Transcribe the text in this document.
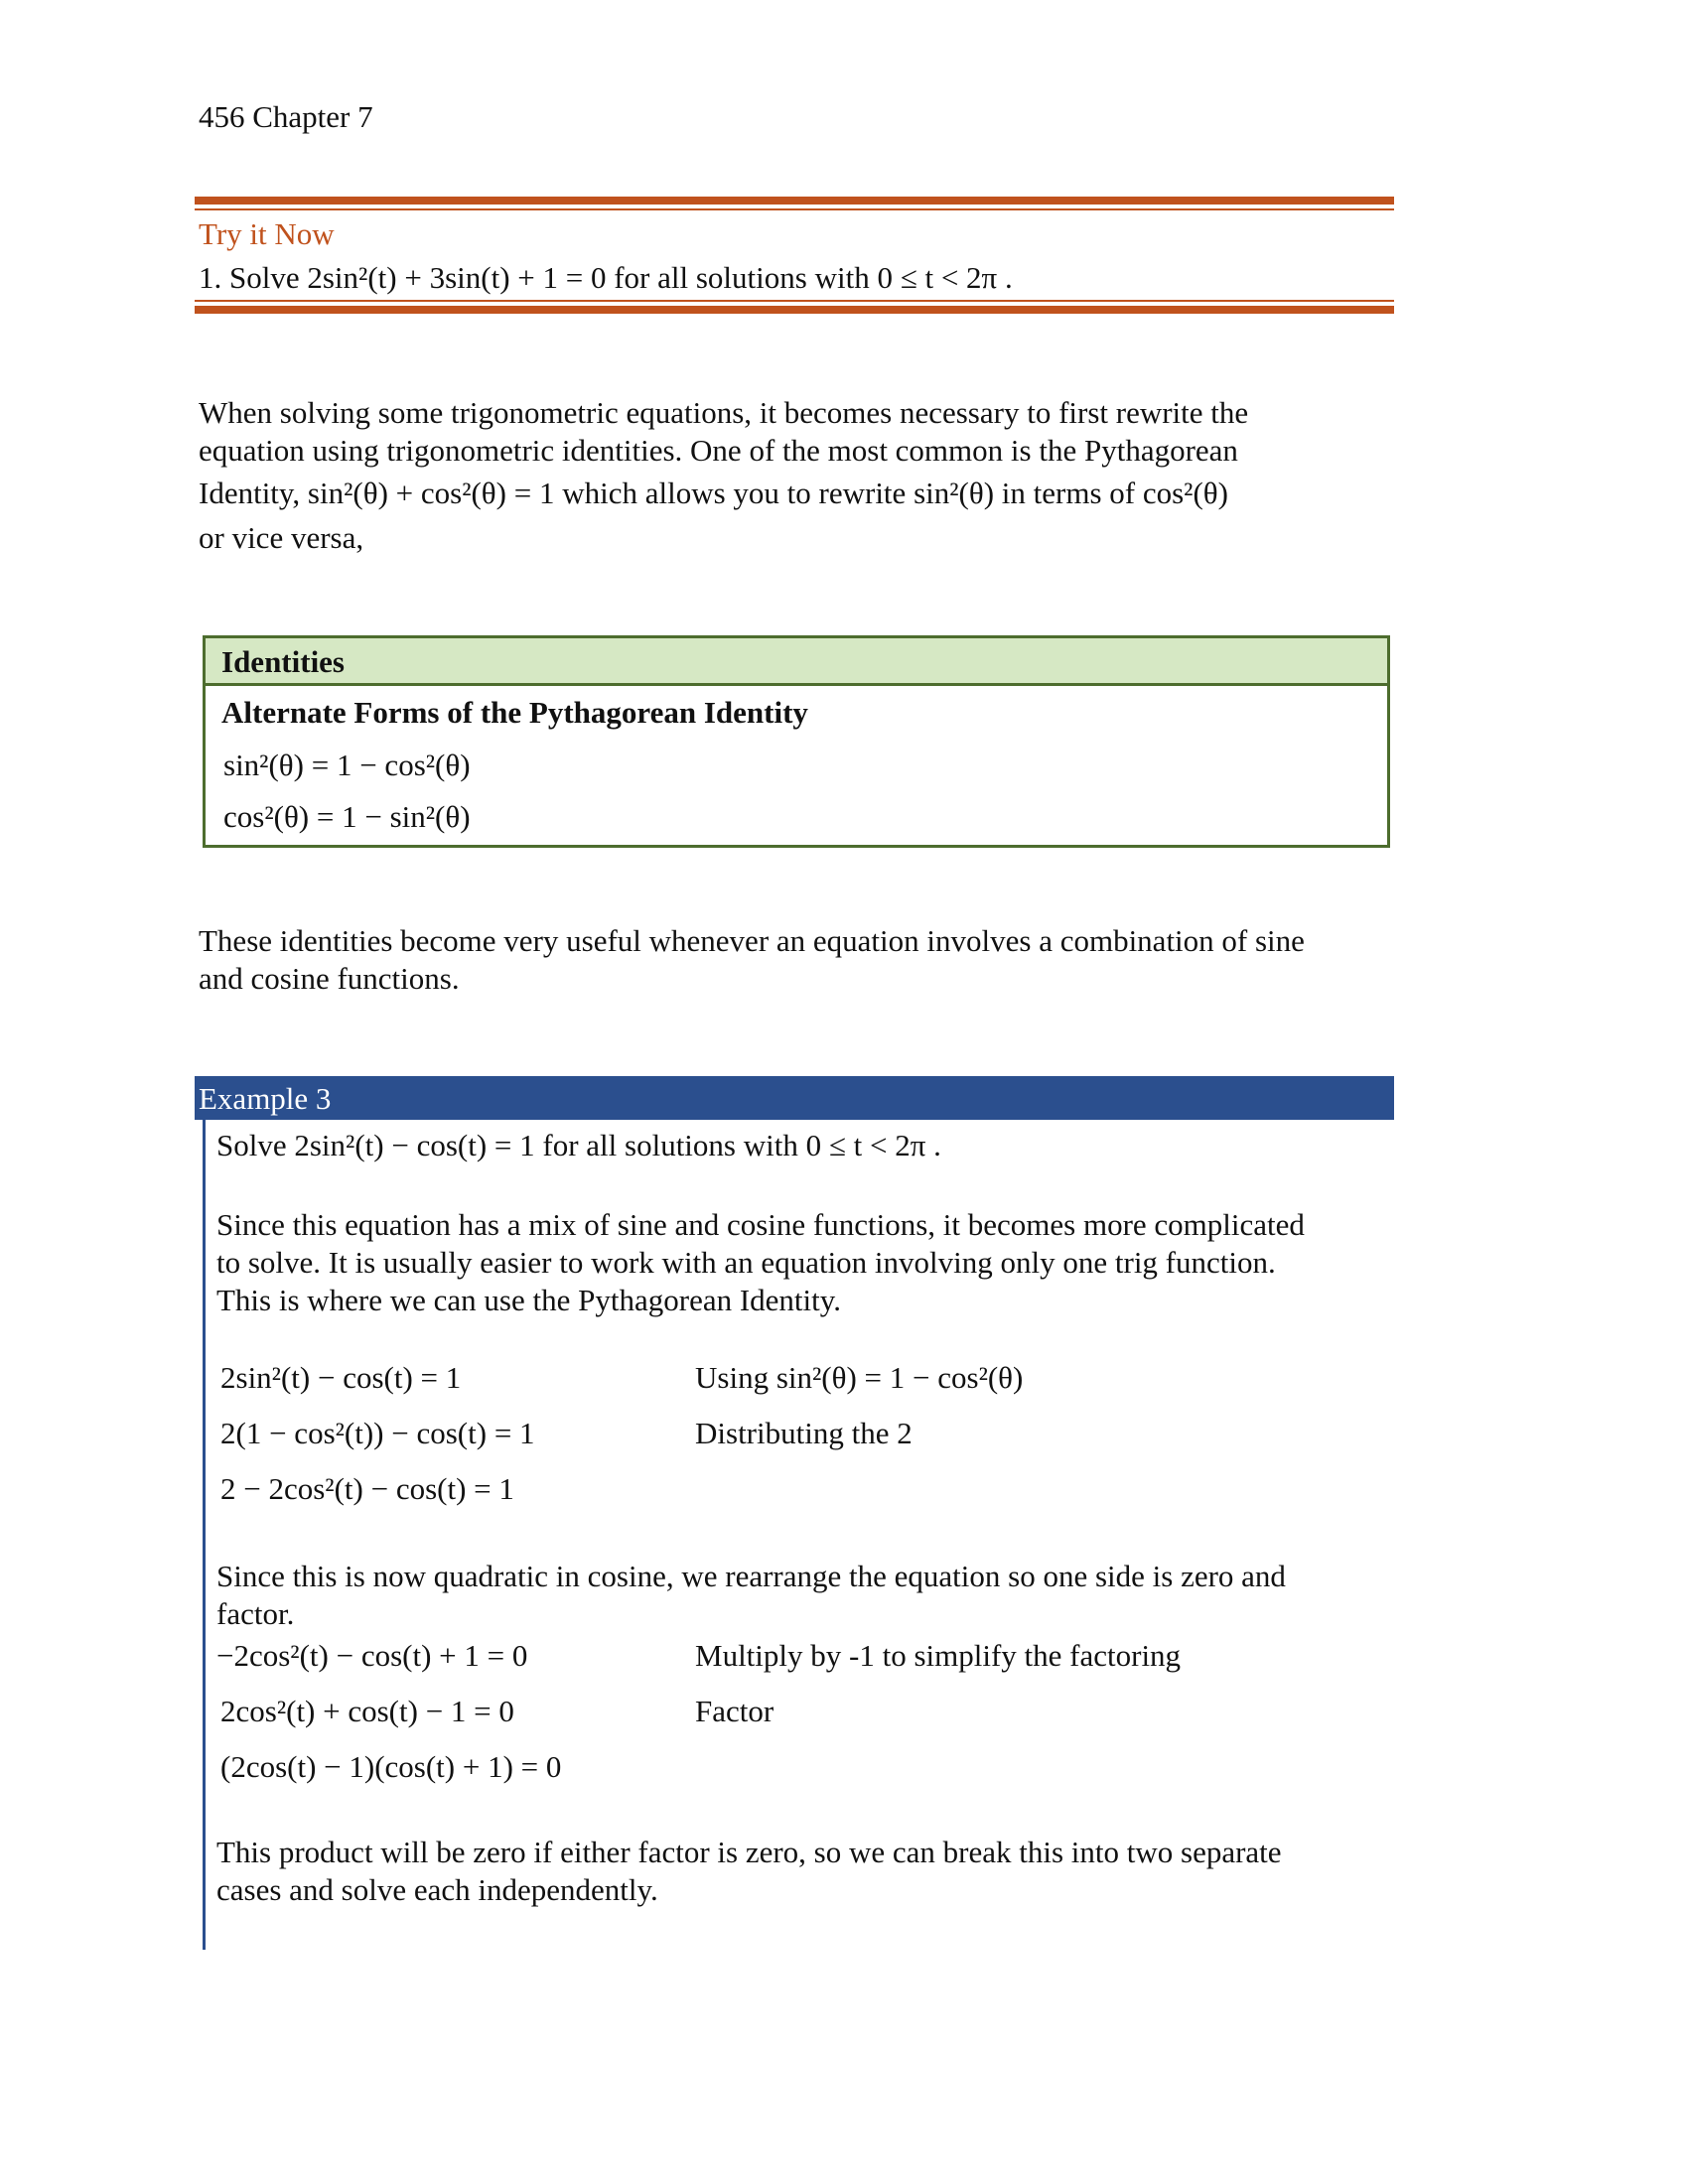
456 Chapter 7
Try it Now
1. Solve 2sin²(t) + 3sin(t) + 1 = 0 for all solutions with 0 ≤ t < 2π .
When solving some trigonometric equations, it becomes necessary to first rewrite the
equation using trigonometric identities. One of the most common is the Pythagorean
Identity, sin²(θ) + cos²(θ) = 1 which allows you to rewrite sin²(θ) in terms of cos²(θ)
or vice versa,
Identities
Alternate Forms of the Pythagorean Identity
sin²(θ) = 1 − cos²(θ)
cos²(θ) = 1 − sin²(θ)
These identities become very useful whenever an equation involves a combination of sine
and cosine functions.
Example 3
Solve 2sin²(t) − cos(t) = 1 for all solutions with 0 ≤ t < 2π .
Since this equation has a mix of sine and cosine functions, it becomes more complicated
to solve. It is usually easier to work with an equation involving only one trig function.
This is where we can use the Pythagorean Identity.
2sin²(t) − cos(t) = 1	Using sin²(θ) = 1 − cos²(θ)
2(1 − cos²(t)) − cos(t) = 1	Distributing the 2
2 − 2cos²(t) − cos(t) = 1
Since this is now quadratic in cosine, we rearrange the equation so one side is zero and
factor.
−2cos²(t) − cos(t) + 1 = 0	Multiply by -1 to simplify the factoring
2cos²(t) + cos(t) − 1 = 0	Factor
(2cos(t) − 1)(cos(t) + 1) = 0
This product will be zero if either factor is zero, so we can break this into two separate
cases and solve each independently.
